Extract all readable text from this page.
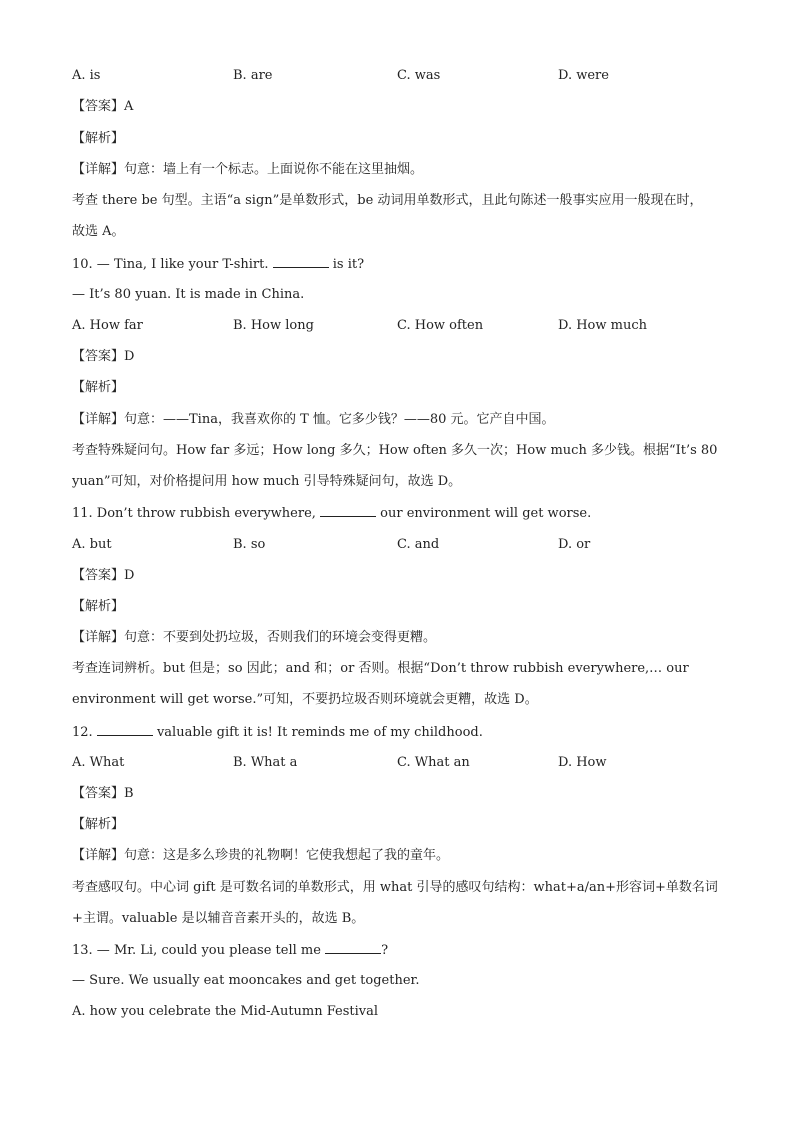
A. is	B. are	C. was	D. were
【答案】A
【解析】
【详解】句意：墙上有一个标志。上面说你不能在这里抽烟。
考查 there be 句型。主语“a sign”是单数形式，be 动词用单数形式，且此句陈述一般事实应用一般现在时，
故选 A。
10. — Tina, I like your T-shirt.	is it?
— It’s 80 yuan. It is made in China.
A. How far	B. How long	C. How often	D. How much
【答案】D
【解析】
【详解】句意：——Tina，我喜欢你的 T 恤。它多少钱？——80 元。它产自中国。
考查特殊疑问句。How far 多远；How long 多久；How often 多久一次；How much 多少钱。根据“It’s 80
yuan”可知，对价格提问用 how much 引导特殊疑问句，故选 D。
11. Don’t throw rubbish everywhere,	our environment will get worse.
A. but	B. so	C. and	D. or
【答案】D
【解析】
【详解】句意：不要到处扔垃圾，否则我们的环境会变得更糟。
考查连词辨析。but 但是；so 因此；and 和；or 否则。根据“Don’t throw rubbish everywhere,… our
environment will get worse.”可知，不要扔垃圾否则环境就会更糟，故选 D。
12.	valuable gift it is! It reminds me of my childhood.
A. What	B. What a	C. What an	D. How
【答案】B
【解析】
【详解】句意：这是多么珍贵的礼物啊！它使我想起了我的童年。
考查感叹句。中心词 gift 是可数名词的单数形式，用 what 引导的感叹句结构：what+a/an+形容词+单数名词
+主谓。valuable 是以辅音音素开头的，故选 B。
13. — Mr. Li, could you please tell me	?
— Sure. We usually eat mooncakes and get together.
A. how you celebrate the Mid-Autumn Festival
